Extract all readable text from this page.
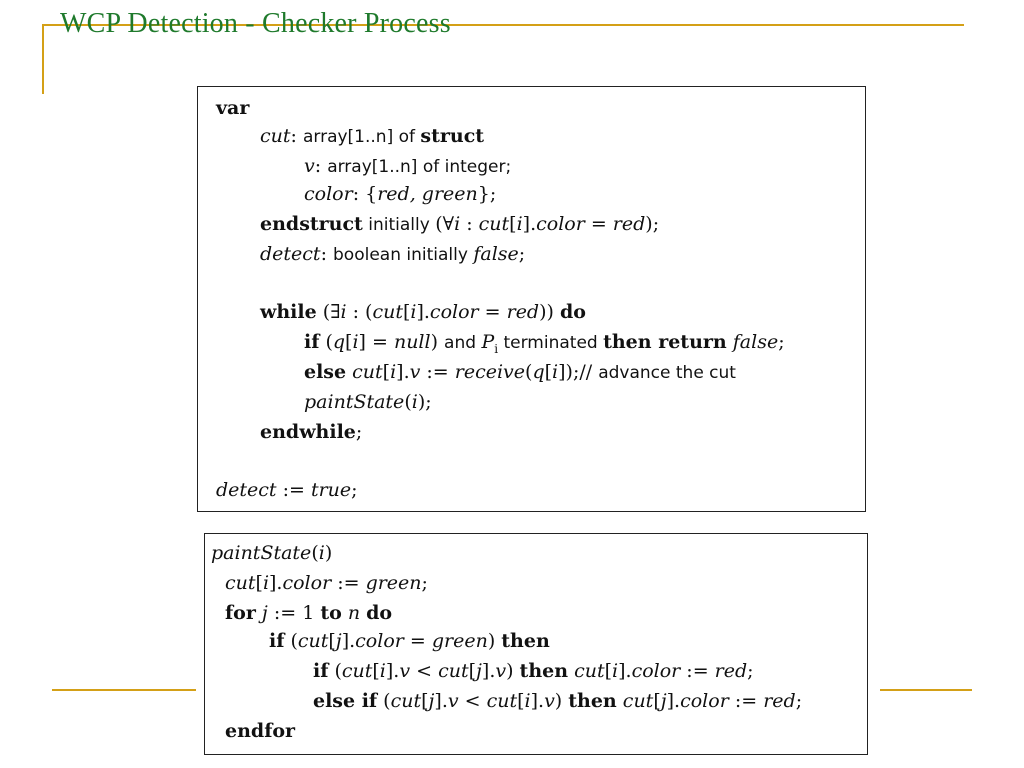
WCP Detection - Checker Process
var
cut: array[1..n] of struct
v: array[1..n] of integer;
color: {red, green};
endstruct initially (∀i : cut[i].color = red);
detect: boolean initially false;
while (∃i : (cut[i].color = red)) do
if (q[i] = null) and $P_i$ terminated then return false;
else cut[i].v := receive(q[i]);// advance the cut
paintState(i);
endwhile;
detect := true;
paintState(i)
cut[i].color := green;
for j := 1 to n do
if (cut[j].color = green) then
if (cut[i].v < cut[j].v) then cut[i].color := red;
else if (cut[j].v < cut[i].v) then cut[j].color := red;
endfor
